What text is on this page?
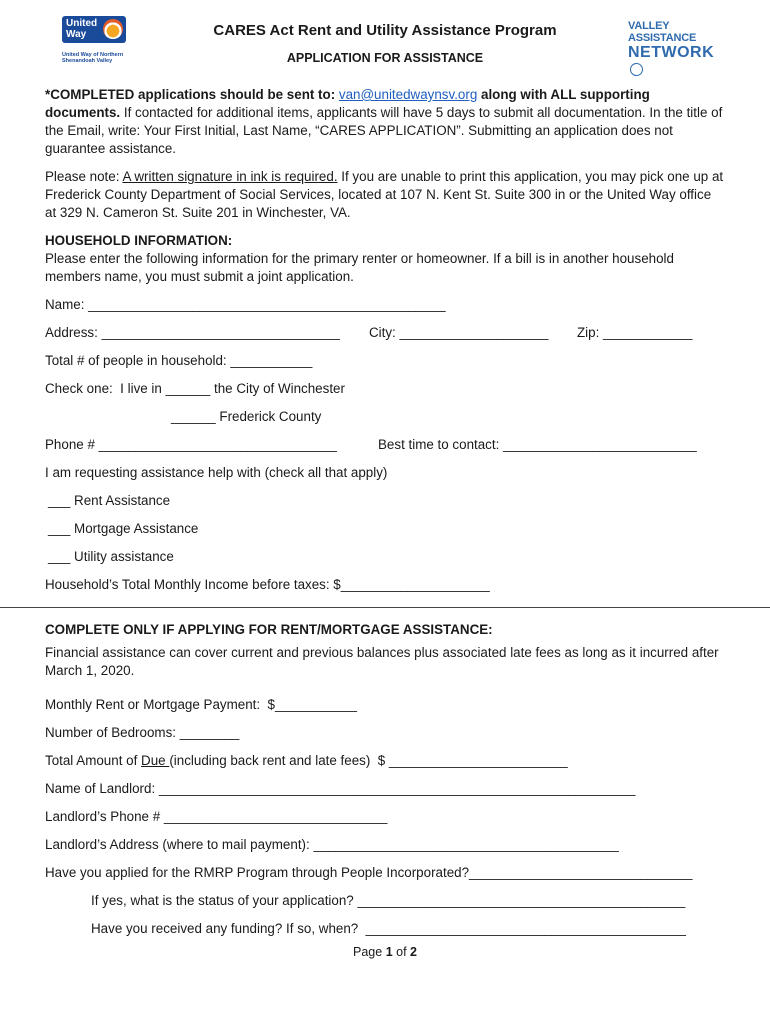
United
Way
United Way of Northern Shenandoah Valley
VALLEY ASSISTANCE
NETWORK
CARES Act Rent and Utility Assistance Program
APPLICATION FOR ASSISTANCE
*COMPLETED applications should be sent to: van@unitedwaynsv.org along with ALL supporting documents. If contacted for additional items, applicants will have 5 days to submit all documentation. In the title of the Email, write: Your First Initial, Last Name, “CARES APPLICATION”. Submitting an application does not guarantee assistance.
Please note: A written signature in ink is required. If you are unable to print this application, you may pick one up at Frederick County Department of Social Services, located at 107 N. Kent St. Suite 300 in or the United Way office at 329 N. Cameron St. Suite 201 in Winchester, VA.
HOUSEHOLD INFORMATION:
Please enter the following information for the primary renter or homeowner. If a bill is in another household members name, you must submit a joint application.
Name: ________________________________________________
Address: ________________________________ City: ____________________ Zip: ____________
Total # of people in household: ___________
Check one:  I live in ______ the City of Winchester
______ Frederick County
Phone # ________________________________	Best time to contact: __________________________
I am requesting assistance help with (check all that apply)
___ Rent Assistance
___ Mortgage Assistance
___ Utility assistance
Household’s Total Monthly Income before taxes: $____________________
COMPLETE ONLY IF APPLYING FOR RENT/MORTGAGE ASSISTANCE:
Financial assistance can cover current and previous balances plus associated late fees as long as it incurred after March 1, 2020.
Monthly Rent or Mortgage Payment:  $___________
Number of Bedrooms: ________
Total Amount of Due (including back rent and late fees)  $ ________________________
Name of Landlord: ________________________________________________________________
Landlord’s Phone # ______________________________
Landlord’s Address (where to mail payment): _________________________________________
Have you applied for the RMRP Program through People Incorporated?______________________________
If yes, what is the status of your application? ____________________________________________
Have you received any funding? If so, when?  ___________________________________________
Page 1 of 2
